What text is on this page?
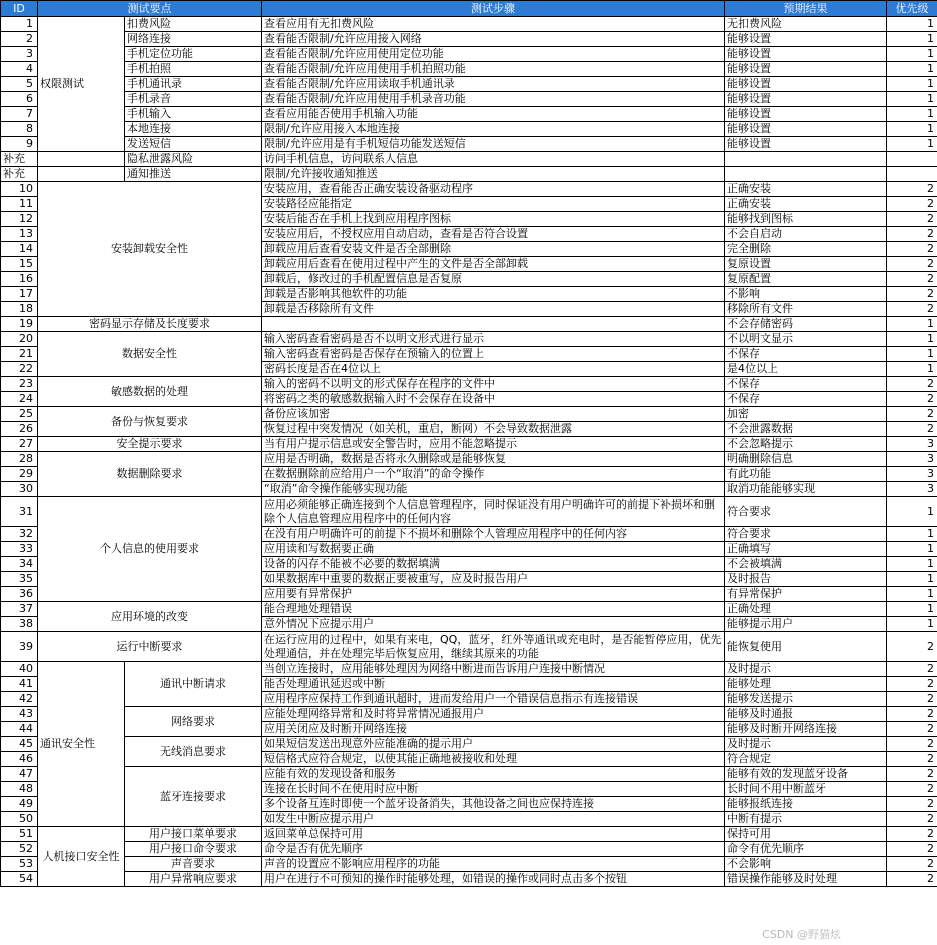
ID	测试要点		测试步骤	预期结果	优先级
1	权限测试	扣费风险	查看应用有无扣费风险	无扣费风险	1
2		网络连接	查看能否限制/允许应用接入网络	能够设置	1
3		手机定位功能	查看能否限制/允许应用使用定位功能	能够设置	1
4		手机拍照	查看能否限制/允许应用使用手机拍照功能	能够设置	1
5		手机通讯录	查看能否限制/允许应用读取手机通讯录	能够设置	1
6		手机录音	查看能否限制/允许应用使用手机录音功能	能够设置	1
7		手机输入	查看应用能否使用手机输入功能	能够设置	1
8		本地连接	限制/允许应用接入本地连接	能够设置	1
9		发送短信	限制/允许应用是有手机短信功能发送短信	能够设置	1
补充		隐私泄露风险	访问手机信息，访问联系人信息		
补充		通知推送	限制/允许接收通知推送		
10	安装卸载安全性		安装应用，查看能否正确安装设备驱动程序	正确安装	2
11			安装路径应能指定	正确安装	2
12			安装后能否在手机上找到应用程序图标	能够找到图标	2
13			安装应用后，不授权应用自动启动，查看是否符合设置	不会自启动	2
14			卸载应用后查看安装文件是否全部删除	完全删除	2
15			卸载应用后查看在使用过程中产生的文件是否全部卸载	复原设置	2
16			卸载后，修改过的手机配置信息是否复原	复原配置	2
17			卸载是否影响其他软件的功能	不影响	2
18			卸载是否移除所有文件	移除所有文件	2
19	密码显示存储及长度要求			不会存储密码	1
20	数据安全性		输入密码查看密码是否不以明文形式进行显示	不以明文显示	1
21			输入密码查看密码是否保存在预输入的位置上	不保存	1
22			密码长度是否在4位以上	是4位以上	1
23	敏感数据的处理		输入的密码不以明文的形式保存在程序的文件中	不保存	2
24			将密码之类的敏感数据输入时不会保存在设备中	不保存	2
25	备份与恢复要求		备份应该加密	加密	2
26			恢复过程中突发情况（如关机，重启，断网）不会导致数据泄露	不会泄露数据	2
27	安全提示要求		当有用户提示信息或安全警告时，应用不能忽略提示	不会忽略提示	3
28	数据删除要求		应用是否明确，数据是否将永久删除或是能够恢复	明确删除信息	3
29			在数据删除前应给用户一个“取消”的命令操作	有此功能	3
30			“取消”命令操作能够实现功能	取消功能能够实现	3
31	个人信息的使用要求		应用必须能够正确连接到个人信息管理程序，同时保证没有用户明确许可的前提下补损坏和删除个人信息管理应用程序中的任何内容	符合要求	1
32			在没有用户明确许可的前提下不损坏和删除个人管理应用程序中的任何内容	符合要求	1
33			应用读和写数据要正确	正确填写	1
34			设备的闪存不能被不必要的数据填满	不会被填满	1
35			如果数据库中重要的数据正要被重写，应及时报告用户	及时报告	1
36			应用要有异常保护	有异常保护	1
37	应用环境的改变		能合理地处理错误	正确处理	1
38			意外情况下应提示用户	能够提示用户	1
39	运行中断要求		在运行应用的过程中，如果有来电，QQ，蓝牙，红外等通讯或充电时，是否能暂停应用，优先处理通信，并在处理完毕后恢复应用，继续其原来的功能	能恢复使用	2
40	通讯安全性	通讯中断请求	当创立连接时，应用能够处理因为网络中断进而告诉用户连接中断情况	及时提示	2
41			能否处理通讯延迟或中断	能够处理	2
42			应用程序应保持工作到通讯超时，进而发给用户一个错误信息指示有连接错误	能够发送提示	2
43		网络要求	应能处理网络异常和及时将异常情况通报用户	能够及时通报	2
44			应用关闭应及时断开网络连接	能够及时断开网络连接	2
45		无线消息要求	如果短信发送出现意外应能准确的提示用户	及时提示	2
46			短信格式应符合规定，以使其能正确地被接收和处理	符合规定	2
47		蓝牙连接要求	应能有效的发现设备和服务	能够有效的发现蓝牙设备	2
48			连接在长时间不在使用时应中断	长时间不用中断蓝牙	2
49			多个设备互连时即使一个蓝牙设备消失，其他设备之间也应保持连接	能够报纸连接	2
50			如发生中断应提示用户	中断有提示	2
51	人机接口安全性	用户接口菜单要求	返回菜单总保持可用	保持可用	2
52		用户接口命令要求	命令是否有优先顺序	命令有优先顺序	2
53		声音要求	声音的设置应不影响应用程序的功能	不会影响	2
54		用户异常响应要求	用户在进行不可预知的操作时能够处理，如错误的操作或同时点击多个按钮	错误操作能够及时处理	2
CSDN @野猫炫
